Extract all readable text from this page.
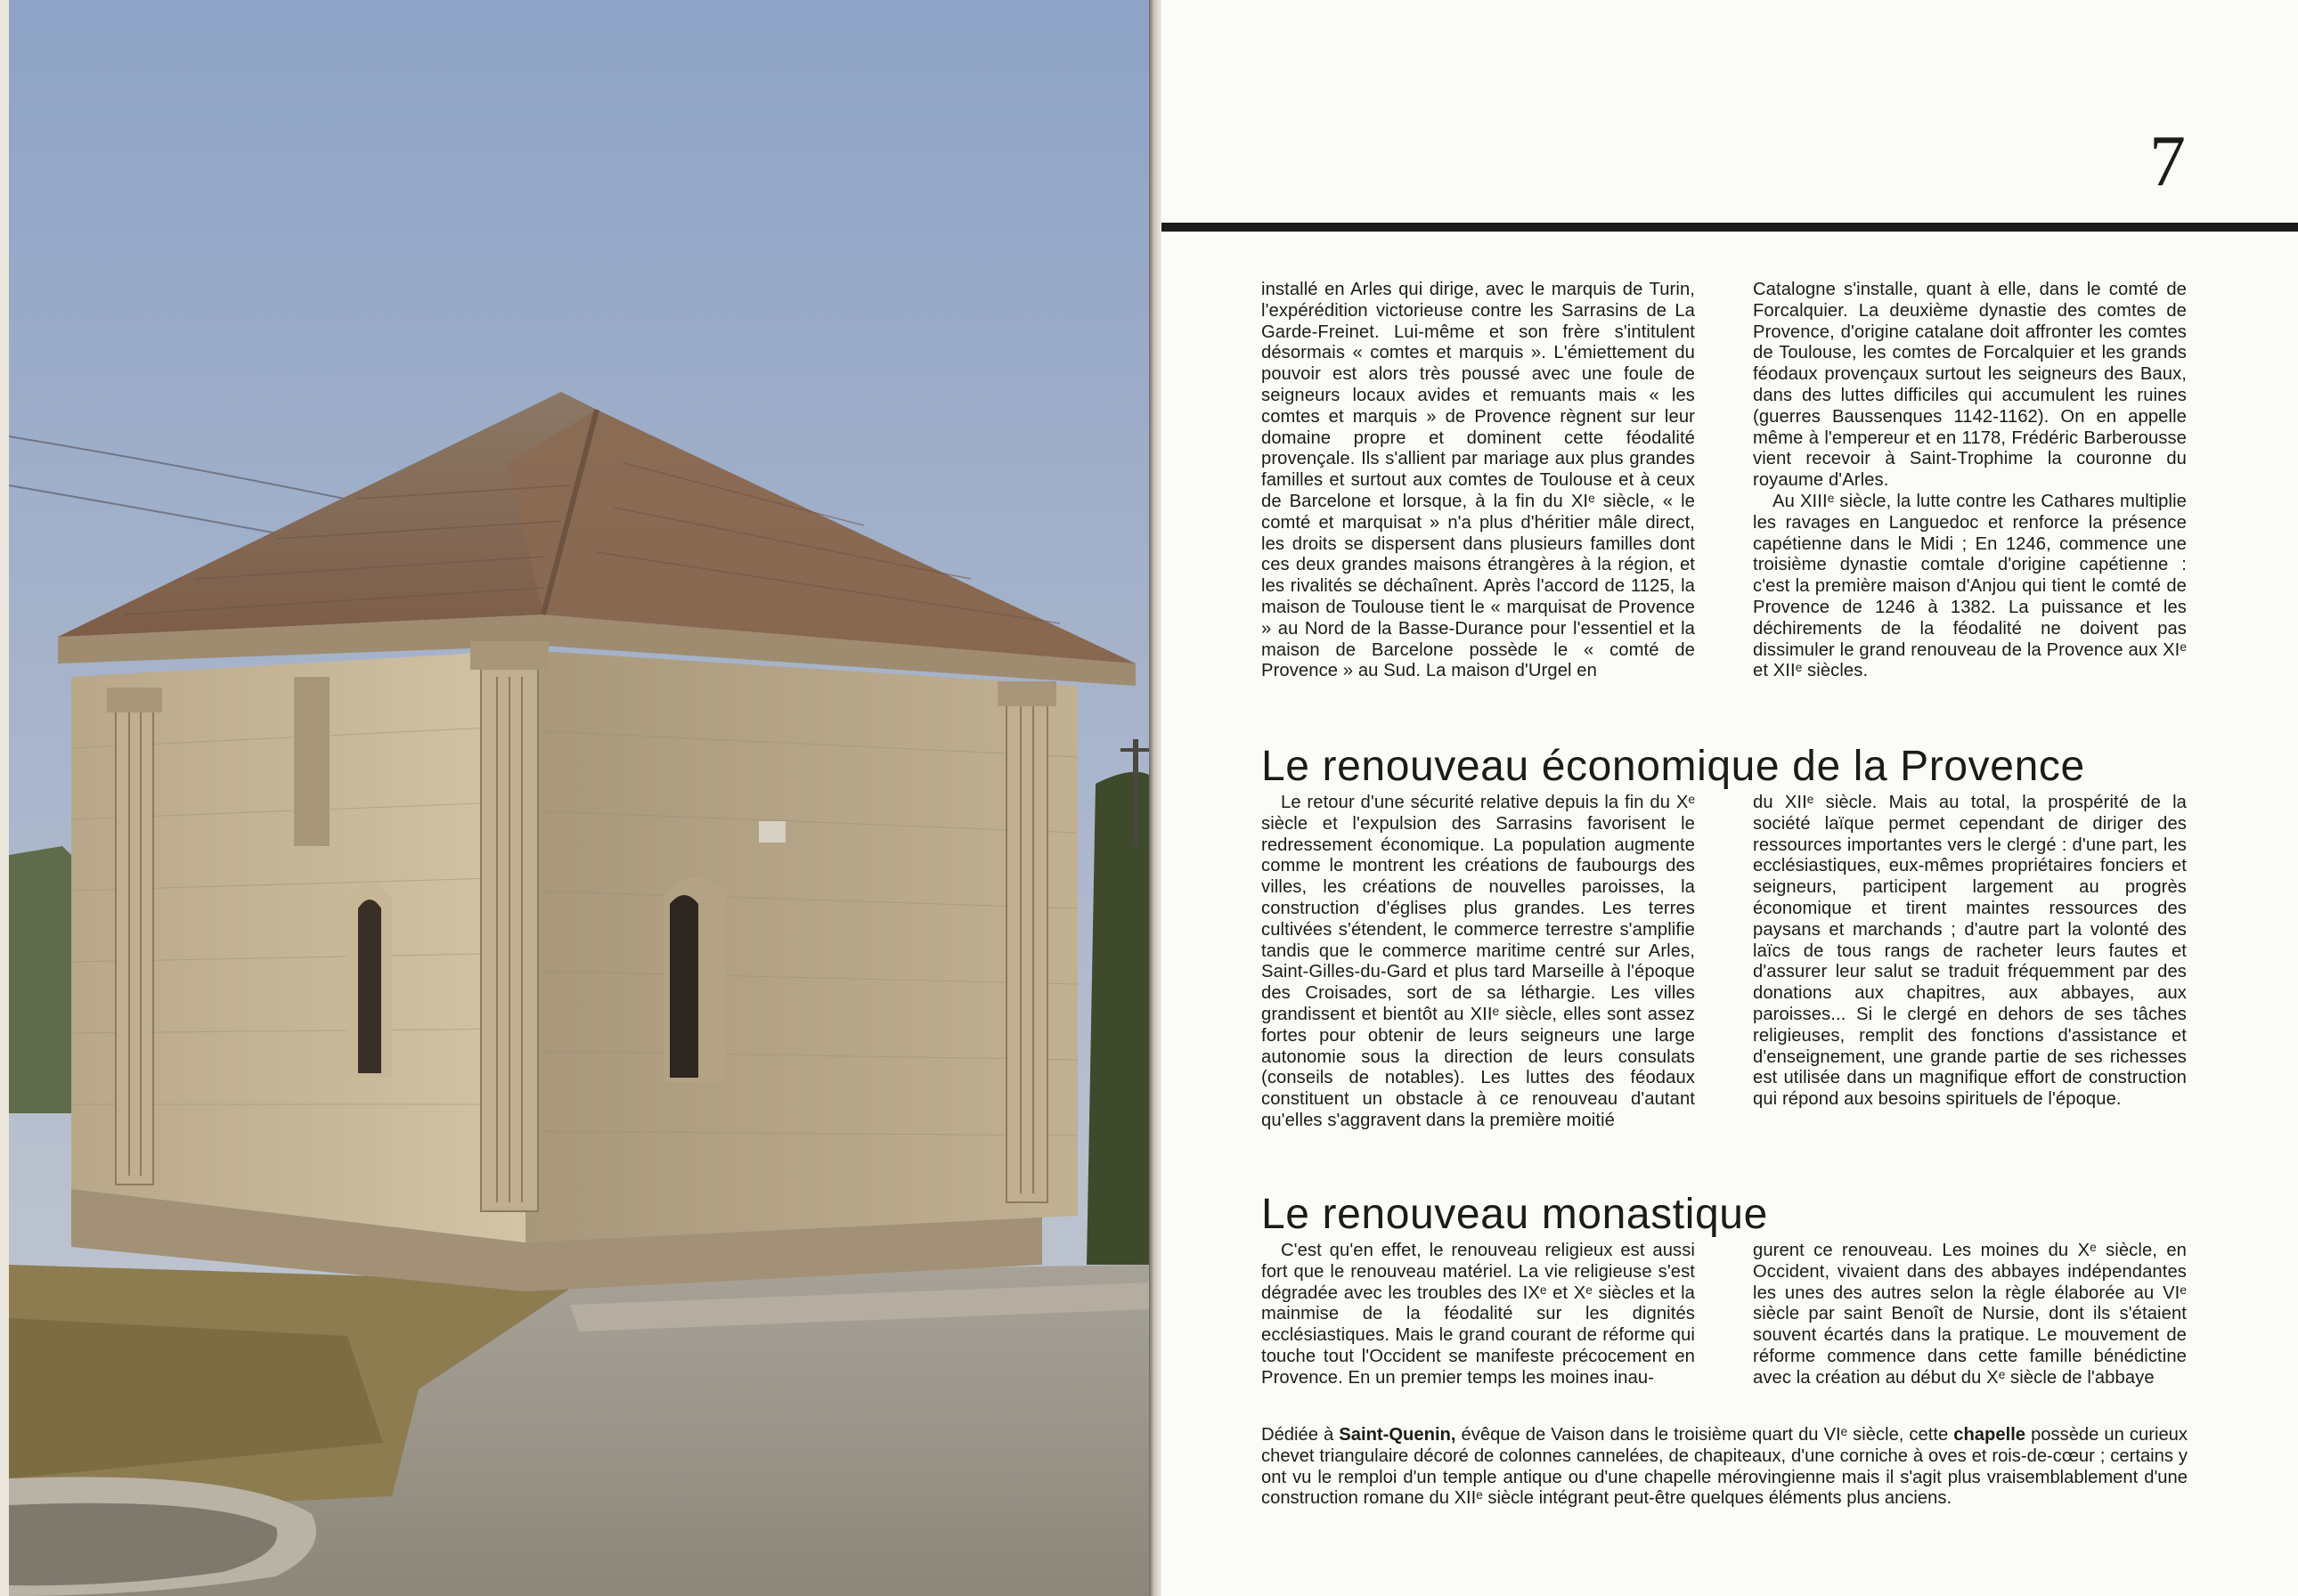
7

installé en Arles qui dirige, avec le marquis de Turin, l'expérédition victorieuse contre les Sarrasins de La Garde-Freinet. Lui-même et son frère s'intitulent désormais « comtes et marquis ». L'émiettement du pouvoir est alors très poussé avec une foule de seigneurs locaux avides et remuants mais « les comtes et marquis » de Provence règnent sur leur domaine propre et dominent cette féodalité provençale. Ils s'allient par mariage aux plus grandes familles et surtout aux comtes de Toulouse et à ceux de Barcelone et lorsque, à la fin du XIᵉ siècle, « le comté et marquisat » n'a plus d'héritier mâle direct, les droits se dispersent dans plusieurs familles dont ces deux grandes maisons étrangères à la région, et les rivalités se déchaînent. Après l'accord de 1125, la maison de Toulouse tient le « marquisat de Provence » au Nord de la Basse-Durance pour l'essentiel et la maison de Barcelone possède le « comté de Provence » au Sud. La maison d'Urgel en

Catalogne s'installe, quant à elle, dans le comté de Forcalquier. La deuxième dynastie des comtes de Provence, d'origine catalane doit affronter les comtes de Toulouse, les comtes de Forcalquier et les grands féodaux provençaux surtout les seigneurs des Baux, dans des luttes difficiles qui accumulent les ruines (guerres Baussenques 1142-1162). On en appelle même à l'empereur et en 1178, Frédéric Barberousse vient recevoir à Saint-Trophime la couronne du royaume d'Arles.

Au XIIIᵉ siècle, la lutte contre les Cathares multiplie les ravages en Languedoc et renforce la présence capétienne dans le Midi ; En 1246, commence une troisième dynastie comtale d'origine capétienne : c'est la première maison d'Anjou qui tient le comté de Provence de 1246 à 1382. La puissance et les déchirements de la féodalité ne doivent pas dissimuler le grand renouveau de la Provence aux XIᵉ et XIIᵉ siècles.

Le renouveau économique de la Provence

Le retour d'une sécurité relative depuis la fin du Xᵉ siècle et l'expulsion des Sarrasins favorisent le redressement économique. La population augmente comme le montrent les créations de faubourgs des villes, les créations de nouvelles paroisses, la construction d'églises plus grandes. Les terres cultivées s'étendent, le commerce terrestre s'amplifie tandis que le commerce maritime centré sur Arles, Saint-Gilles-du-Gard et plus tard Marseille à l'époque des Croisades, sort de sa léthargie. Les villes grandissent et bientôt au XIIᵉ siècle, elles sont assez fortes pour obtenir de leurs seigneurs une large autonomie sous la direction de leurs consulats (conseils de notables). Les luttes des féodaux constituent un obstacle à ce renouveau d'autant qu'elles s'aggravent dans la première moitié

du XIIᵉ siècle. Mais au total, la prospérité de la société laïque permet cependant de diriger des ressources importantes vers le clergé : d'une part, les ecclésiastiques, eux-mêmes propriétaires fonciers et seigneurs, participent largement au progrès économique et tirent maintes ressources des paysans et marchands ; d'autre part la volonté des laïcs de tous rangs de racheter leurs fautes et d'assurer leur salut se traduit fréquemment par des donations aux chapitres, aux abbayes, aux paroisses... Si le clergé en dehors de ses tâches religieuses, remplit des fonctions d'assistance et d'enseignement, une grande partie de ses richesses est utilisée dans un magnifique effort de construction qui répond aux besoins spirituels de l'époque.

Le renouveau monastique

C'est qu'en effet, le renouveau religieux est aussi fort que le renouveau matériel. La vie religieuse s'est dégradée avec les troubles des IXᵉ et Xᵉ siècles et la mainmise de la féodalité sur les dignités ecclésiastiques. Mais le grand courant de réforme qui touche tout l'Occident se manifeste précocement en Provence. En un premier temps les moines inau-

gurent ce renouveau. Les moines du Xᵉ siècle, en Occident, vivaient dans des abbayes indépendantes les unes des autres selon la règle élaborée au VIᵉ siècle par saint Benoît de Nursie, dont ils s'étaient souvent écartés dans la pratique. Le mouvement de réforme commence dans cette famille bénédictine avec la création au début du Xᵉ siècle de l'abbaye

Dédiée à Saint-Quenin, évêque de Vaison dans le troisième quart du VIᵉ siècle, cette chapelle possède un curieux chevet triangulaire décoré de colonnes cannelées, de chapiteaux, d'une corniche à oves et rois-de-cœur ; certains y ont vu le remploi d'un temple antique ou d'une chapelle mérovingienne mais il s'agit plus vraisemblablement d'une construction romane du XIIᵉ siècle intégrant peut-être quelques éléments plus anciens.
